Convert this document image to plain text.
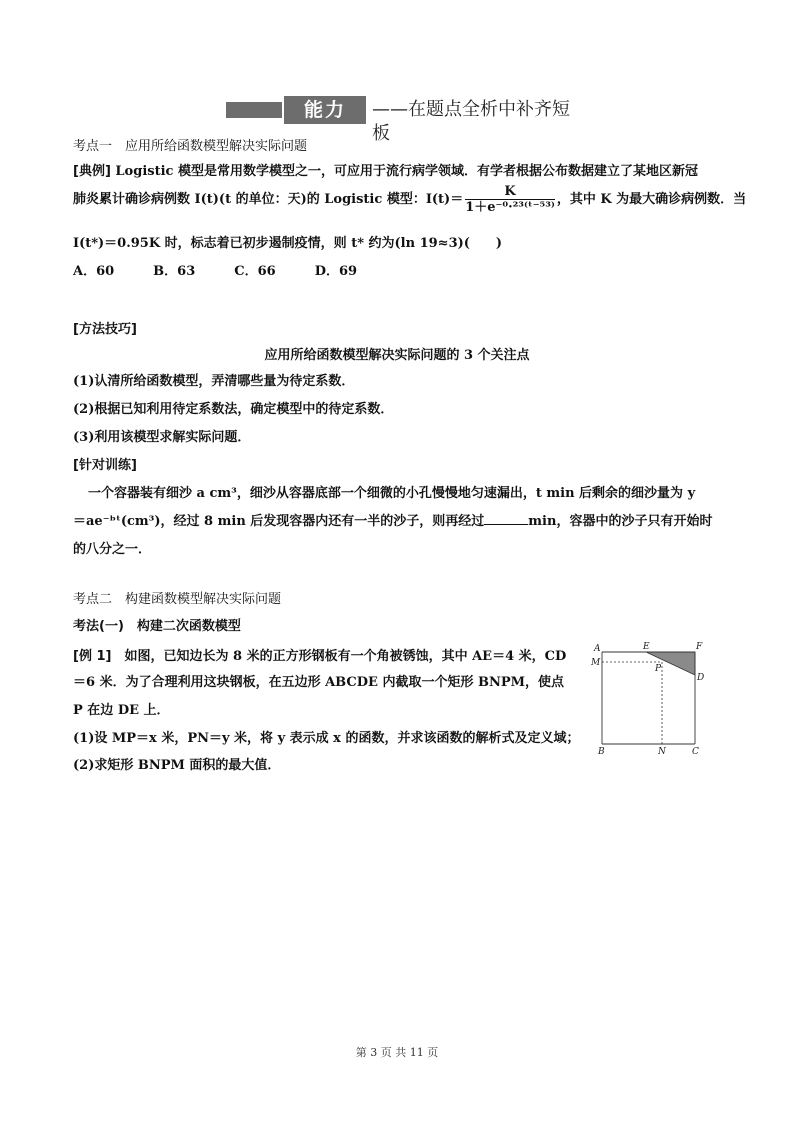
能力	——在题点全析中补齐短板
考点一　应用所给函数模型解决实际问题
[典例] Logistic 模型是常用数学模型之一，可应用于流行病学领域．有学者根据公布数据建立了某地区新冠
肺炎累计确诊病例数 I(t)(t 的单位：天)的 Logistic 模型：$I(t)= \frac{K}{\text{1＋e⁻⁰·²³⁽ᵗ⁻⁵³⁾}}$ ，其中 K 为最大确诊病例数．当
I(t*)＝0.95K 时，标志着已初步遏制疫情，则 t* 约为(ln 19≈3)(　　)
A．60　　　B．63　　　C．66　　　D．69
[方法技巧]
应用所给函数模型解决实际问题的 3 个关注点
(1)认清所给函数模型，弄清哪些量为待定系数．
(2)根据已知利用待定系数法，确定模型中的待定系数．
(3)利用该模型求解实际问题．
[针对训练]
一个容器装有细沙 a cm³，细沙从容器底部一个细微的小孔慢慢地匀速漏出，t min 后剩余的细沙量为 y
＝ae⁻ᵇᵗ(cm³)，经过 8 min 后发现容器内还有一半的沙子，则再经过	min，容器中的沙子只有开始时
的八分之一．
考点二　构建函数模型解决实际问题
考法(一)　构建二次函数模型
[例 1]　如图，已知边长为 8 米的正方形钢板有一个角被锈蚀，其中 AE＝4 米，CD
＝6 米．为了合理利用这块钢板，在五边形 ABCDE 内截取一个矩形 BNPM，使点
P 在边 DE 上．
(1)设 MP＝x 米，PN＝y 米，将 y 表示成 x 的函数，并求该函数的解析式及定义域；
(2)求矩形 BNPM 面积的最大值．
A
M
E	F
P
D
B	N	C
第 3 页 共 11 页
